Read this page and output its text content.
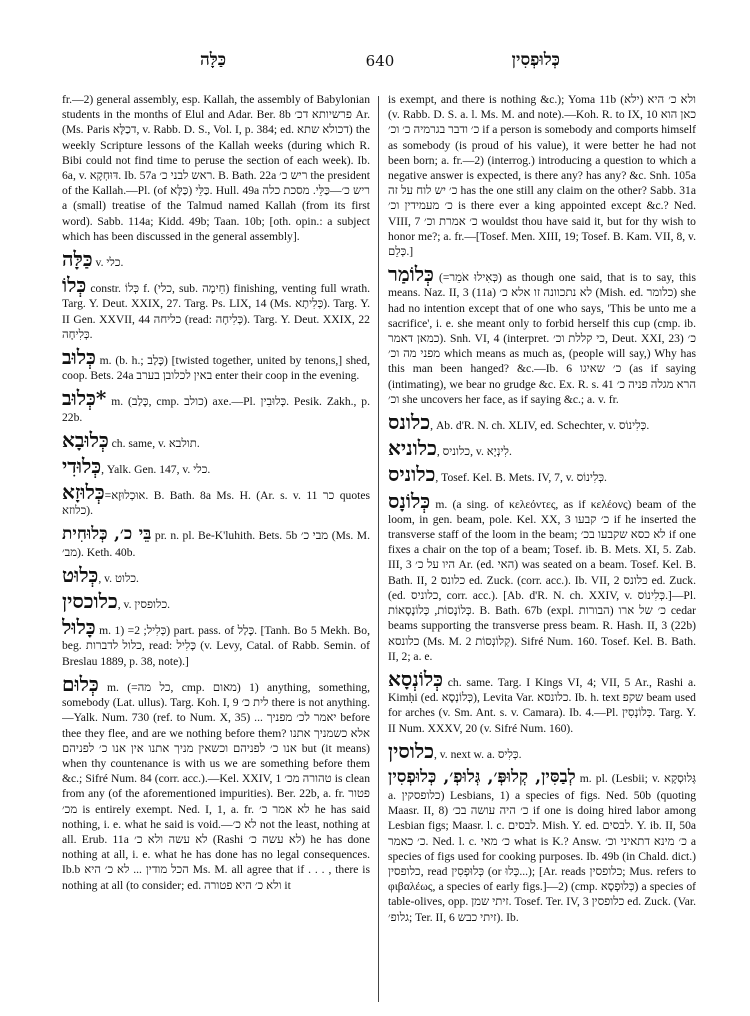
כַּלָּה	640	כְּלוּפְסִין

fr.—2) general assembly, esp. Kallah, the assembly of Babylonian students in the months of Elul and Adar. Ber. 8b פרשיותא דכ׳ Ar. (Ms. Paris דכַלָּא, v. Rabb. D. S., Vol. I, p. 384; ed. דכולא שתא) the weekly Scripture lessons of the Kallah weeks (during which R. Bibi could not find time to peruse the section of each week). Ib. 6a, v. דּוּחְקָא. Ib. 57a ראש לבני כ׳. B. Bath. 22a ריש כ׳ the president of the Kallah.—Pl. (of כַּלָּא) כַּלֵּי. Hull. 49a ריש כ׳—כַּלֵּי. מסכת כלה a (small) treatise of the Talmud named Kallah (from its first word). Sabb. 114a; Kidd. 49b; Taan. 10b; [oth. opin.: a subject which has been discussed in the general assembly].

כַּלָּה v. כלי.

כְּלוֹ constr. כְּלוֹ f. (כלי, sub. חֵימָה) finishing, venting full wrath. Targ. Y. Deut. XXIX, 27. Targ. Ps. LIX, 14 (Ms. כְּלִיתָא). Targ. Y. II Gen. XXVII, 44 כליחה (read: כְּלִיחָה). Targ. Y. Deut. XXIX, 22 כְּלִיחָה.

כְּלוּב m. (b. h.; כָּלַב) [twisted together, united by tenons,] shed, coop. Bets. 24a באין לכלובן בערב enter their coop in the evening.

*כְּלוּב m. (כָּלַב, cmp. כולב) axe.—Pl. כְּלוּבִין. Pesik. Zakh., p. 22b.

כְּלוּבָא ch. same, v. תולבא.

כְּלוּדִי, Yalk. Gen. 147, v. כלי.

כְּלוּזָא=אוּכְלוּזָא. B. Bath. 8a Ms. H. (Ar. s. v. כר 11 quotes כלוזא).

בֵּי כ׳, כְּלוּחִית pr. n. pl. Be-K'luhith. Bets. 5b מבי כ׳ (Ms. M. מב׳). Keth. 40b.

כְּלוּט, v. כלוט.

כלוכסין, v. כלופסין.

כָּלוּל m. 1) =כְּלִיל; 2) part. pass. of כָּלַל. [Tanh. Bo 5 Mekh. Bo, beg. כלול לדברות, read: כָּלִיל (v. Levy, Catal. of Rabb. Semin. of Breslau 1889, p. 38, note).]

כְּלוּם m. (=כל מה, cmp. מאום) 1) anything, something, somebody (Lat. ullus). Targ. Koh. I, 9 לית כ׳ there is not anything.—Yalk. Num. 730 (ref. to Num. X, 35) ... יאמר לכ׳ מפניך before thee they flee, and are we nothing before them? אלא כשמניך אתנו אנו כ׳ לפניהם וכשאין מניך אתנו אין אנו כ׳ לפניהם but (it means) when thy countenance is with us we are something before them &c.; Sifré Num. 84 (corr. acc.).—Kel. XXIV, 1 טהורה מכ׳ is clean from any (of the aforementioned impurities). Ber. 22b, a. fr. פטור מכ׳ is entirely exempt. Ned. I, 1, a. fr. לא אמר כ׳ he has said nothing, i. e. what he said is void.—לא כ׳ not the least, nothing at all. Erub. 11a לא עשה ולא כ׳ (Rashi לא עשה כ׳) he has done nothing at all, i. e. what he has done has no legal consequences. Ib.b הכל מודין ... לא כ׳ היא Ms. M. all agree that if . . . , there is nothing at all (to consider; ed. ולא כ׳ היא פטורה it

is exempt, and there is nothing &c.); Yoma 11b ולא כ׳ היא (ילא) (v. Rabb. D. S. a. l. Ms. M. and note).—Koh. R. to IX, 10 כאן הוא כ׳ ודבר בגרמיה כ׳ וכ׳ if a person is somebody and comports himself as somebody (is proud of his value), it were better he had not been born; a. fr.—2) (interrog.) introducing a question to which a negative answer is expected, is there any? has any? &c. Snh. 105a כ׳ יש לוח על זה has the one still any claim on the other? Sabb. 31a כ׳ מעמידין וכ׳ is there ever a king appointed except &c.? Ned. VIII, 7 כ׳ אמרת וכ׳ wouldst thou have said it, but for thy wish to honor me?; a. fr.—[Tosef. Men. XIII, 19; Tosef. B. Kam. VII, 8, v. כְּלֵם.]

כְּלוֹמַר (=כְּאִילוּ אֹמֵר) as though one said, that is to say, this means. Naz. II, 3 (11a) לא נתכוונה זו אלא כ׳ (Mish. ed. כלומר) she had no intention except that of one who says, 'This be unto me a sacrifice', i. e. she meant only to forbid herself this cup (cmp. ib. כמאן דאמר). Snh. VI, 4 (interpret. כי קללת וכ׳, Deut. XXI, 23) כ׳ מפני מה וכ׳ which means as much as, (people will say,) Why has this man been hanged? &c.—Ib. 6 כ׳ שאיגו (as if saying (intimating), we bear no grudge &c. Ex. R. s. 41 הרא מגלה פניה כ׳ וכ׳ she uncovers her face, as if saying &c.; a. v. fr.

כלונס, Ab. d'R. N. ch. XLIV, ed. Schechter, v. כְּלִינוֹס.

כלוניא, כלוניס, v. לִינְיָא.

כלוניס, Tosef. Kel. B. Mets. IV, 7, v. כְּלִינוֹס.

כְּלוֹנָס m. (a sing. of κελεόντες, as if κελέονς) beam of the loom, in gen. beam, pole. Kel. XX, 3 כ׳ קבעו if he inserted the transverse staff of the loom in the beam; לא כסא שקבעו בכ׳ if one fixes a chair on the top of a beam; Tosef. ib. B. Mets. XI, 5. Zab. III, 3 היו על כ׳ Ar. (ed. האי) was seated on a beam. Tosef. Kel. B. Bath. II, 2 כלונס ed. Zuck. (corr. acc.). Ib. VII, 2 כלונס ed. Zuck. (ed. כלוניס, corr. acc.). [Ab. d'R. N. ch. XXIV, v. כְּלִינוֹס.]—Pl. כְּלוֹנָסוֹת, כְּלוֹנָסָאוֹת. B. Bath. 67b (expl. הבורות) כ׳ של ארו cedar beams supporting the transverse press beam. R. Hash. II, 3 (22b) כלונסא (Ms. M. 2 קְלוֹנְסוֹת). Sifré Num. 160. Tosef. Kel. B. Bath. II, 2; a. e.

כְּלוֹנְסָא ch. same. Targ. I Kings VI, 4; VII, 5 Ar., Rashi a. Kimḥi (ed. כְּלוֹנְסָא), Levita Var. כלונסא. Ib. h. text שקפ beam used for arches (v. Sm. Ant. s. v. Camara). Ib. 4.—Pl. כְּלוֹנְסִין. Targ. Y. II Num. XXXV, 20 (v. Sifré Num. 160).

כלוסין, v. next w. a. כְּלִיס.

לְבַסִּין, קְלוּפְּ׳, גְּלוּפְ׳, כְּלוּפְסִין m. pl. (Lesbii; v. גְּלוּסְקָא a. כלופסקין) Lesbians, 1) a species of figs. Ned. 50b (quoting Maasr. II, 8) כ׳ היה עושה בכ׳ if one is doing hired labor among Lesbian figs; Maasr. l. c. לבסים. Mish. Y. ed. לבסים. Y. ib. II, 50a כ׳ כאמר. Ned. l. c. כ׳ מאי what is K.? Answ. כ׳ מינא דתאיני וכ׳ a species of figs used for cooking purposes. Ib. 49b (in Chald. dict.) כלופסין, read כְּלוּפְסִין (or כְּלוּ...); [Ar. reads כלופסין; Mus. refers to φιβαλέως, a species of early figs.]—2) (cmp. כְּלוּפְסָא) a species of table-olives, opp. זיתי שמן. Tosef. Ter. IV, 3 כלופסין ed. Zuck. (Var. גלופ׳; Ter. II, 6 זיתי כבש). Ib.
